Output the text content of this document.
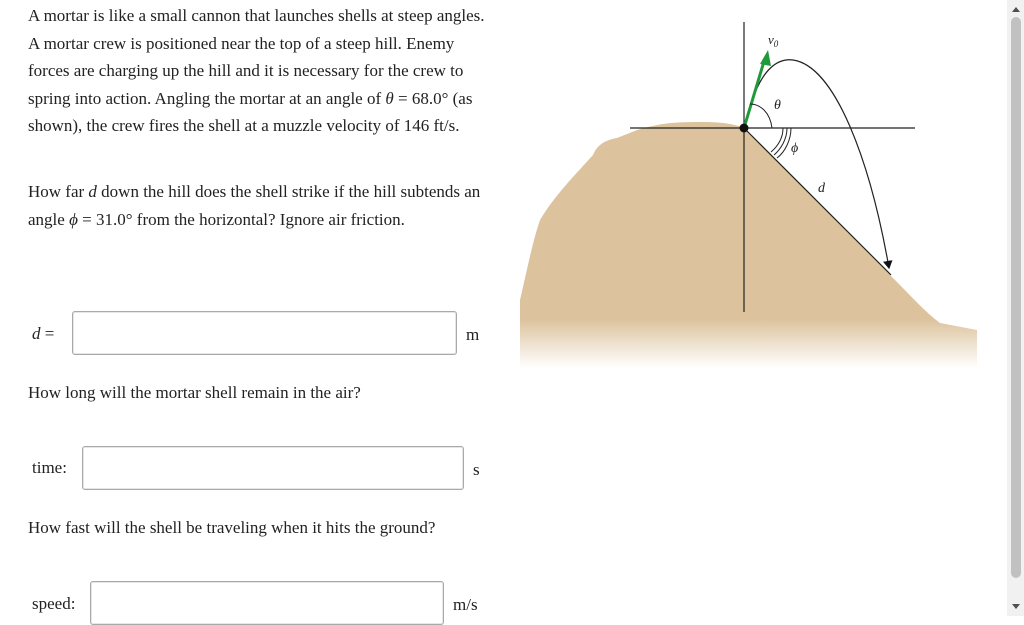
A mortar is like a small cannon that launches shells at steep angles. A mortar crew is positioned near the top of a steep hill. Enemy forces are charging up the hill and it is necessary for the crew to spring into action. Angling the mortar at an angle of θ = 68.0° (as shown), the crew fires the shell at a muzzle velocity of 146 ft/s.
How far d down the hill does the shell strike if the hill subtends an angle ϕ = 31.0° from the horizontal? Ignore air friction.
d =	m
How long will the mortar shell remain in the air?
time:	s
How fast will the shell be traveling when it hits the ground?
speed:	m/s
$v_0$
θ
ϕ
d
